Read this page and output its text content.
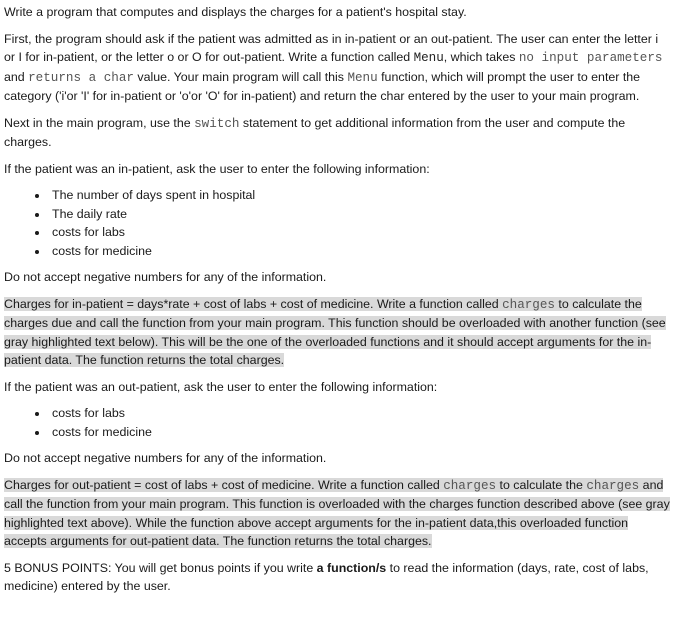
Write a program that computes and displays the charges for a patient's hospital stay.

First, the program should ask if the patient was admitted as in in-patient or an out-patient. The user can enter the letter i or I for in-patient, or the letter o or O for out-patient. Write a function called Menu, which takes no input parameters and returns a char value. Your main program will call this Menu function, which will prompt the user to enter the category ('i'or 'I' for in-patient or 'o'or 'O' for in-patient) and return the char entered by the user to your main program.

Next in the main program, use the switch statement to get additional information from the user and compute the charges.

If the patient was an in-patient, ask the user to enter the following information:

• The number of days spent in hospital
• The daily rate
• costs for labs
• costs for medicine

Do not accept negative numbers for any of the information.

Charges for in-patient = days*rate + cost of labs + cost of medicine. Write a function called charges to calculate the charges due and call the function from your main program. This function should be overloaded with another function (see gray highlighted text below). This will be the one of the overloaded functions and it should accept arguments for the in-patient data. The function returns the total charges.

If the patient was an out-patient, ask the user to enter the following information:

• costs for labs
• costs for medicine

Do not accept negative numbers for any of the information.

Charges for out-patient = cost of labs + cost of medicine. Write a function called charges to calculate the charges and call the function from your main program. This function is overloaded with the charges function described above (see gray highlighted text above). While the function above accept arguments for the in-patient data,this overloaded function accepts arguments for out-patient data. The function returns the total charges.

5 BONUS POINTS: You will get bonus points if you write a function/s to read the information (days, rate, cost of labs, medicine) entered by the user.
